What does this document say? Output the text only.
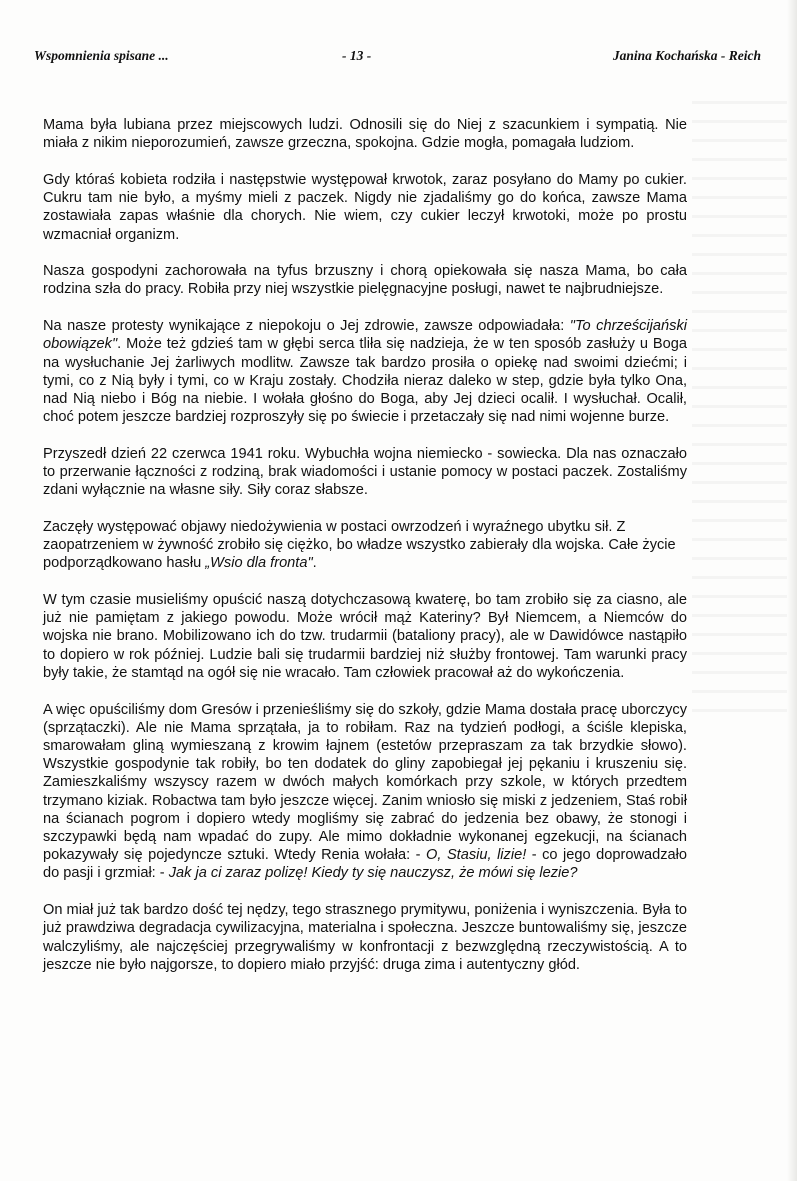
Wspomnienia spisane ...	- 13 -	Janina Kochańska - Reich

Mama była lubiana przez miejscowych ludzi. Odnosili się do Niej z szacunkiem i sympatią. Nie miała z nikim nieporozumień, zawsze grzeczna, spokojna. Gdzie mogła, pomagała ludziom.

Gdy któraś kobieta rodziła i następstwie występował krwotok, zaraz posyłano do Mamy po cukier. Cukru tam nie było, a myśmy mieli z paczek. Nigdy nie zjadaliśmy go do końca, zawsze Mama zostawiała zapas właśnie dla chorych. Nie wiem, czy cukier leczył krwotoki, może po prostu wzmacniał organizm.

Nasza gospodyni zachorowała na tyfus brzuszny i chorą opiekowała się nasza Mama, bo cała rodzina szła do pracy. Robiła przy niej wszystkie pielęgnacyjne posługi, nawet te najbrudniejsze.

Na nasze protesty wynikające z niepokoju o Jej zdrowie, zawsze odpowiadała: "To chrześcijański obowiązek". Może też gdzieś tam w głębi serca tliła się nadzieja, że w ten sposób zasłuży u Boga na wysłuchanie Jej żarliwych modlitw. Zawsze tak bardzo prosiła o opiekę nad swoimi dziećmi; i tymi, co z Nią były i tymi, co w Kraju zostały. Chodziła nieraz daleko w step, gdzie była tylko Ona, nad Nią niebo i Bóg na niebie. I wołała głośno do Boga, aby Jej dzieci ocalił. I wysłuchał. Ocalił, choć potem jeszcze bardziej rozproszyły się po świecie i przetaczały się nad nimi wojenne burze.

Przyszedł dzień 22 czerwca 1941 roku. Wybuchła wojna niemiecko - sowiecka. Dla nas oznaczało to przerwanie łączności z rodziną, brak wiadomości i ustanie pomocy w postaci paczek. Zostaliśmy zdani wyłącznie na własne siły. Siły coraz słabsze.

Zaczęły występować objawy niedożywienia w postaci owrzodzeń i wyraźnego ubytku sił. Z zaopatrzeniem w żywność zrobiło się ciężko, bo władze wszystko zabierały dla wojska. Całe życie podporządkowano hasłu „Wsio dla fronta".

W tym czasie musieliśmy opuścić naszą dotychczasową kwaterę, bo tam zrobiło się za ciasno, ale już nie pamiętam z jakiego powodu. Może wrócił mąż Kateriny? Był Niemcem, a Niemców do wojska nie brano. Mobilizowano ich do tzw. trudarmii (bataliony pracy), ale w Dawidówce nastąpiło to dopiero w rok później. Ludzie bali się trudarmii bardziej niż służby frontowej. Tam warunki pracy były takie, że stamtąd na ogół się nie wracało. Tam człowiek pracował aż do wykończenia.

A więc opuściliśmy dom Gresów i przenieśliśmy się do szkoły, gdzie Mama dostała pracę uborczycy (sprzątaczki). Ale nie Mama sprzątała, ja to robiłam. Raz na tydzień podłogi, a ściśle klepiska, smarowałam gliną wymieszaną z krowim łajnem (estetów przepraszam za tak brzydkie słowo). Wszystkie gospodynie tak robiły, bo ten dodatek do gliny zapobiegał jej pękaniu i kruszeniu się. Zamieszkaliśmy wszyscy razem w dwóch małych komórkach przy szkole, w których przedtem trzymano kiziak. Robactwa tam było jeszcze więcej. Zanim wniosło się miski z jedzeniem, Staś robił na ścianach pogrom i dopiero wtedy mogliśmy się zabrać do jedzenia bez obawy, że stonogi i szczypawki będą nam wpadać do zupy. Ale mimo dokładnie wykonanej egzekucji, na ścianach pokazywały się pojedyncze sztuki. Wtedy Renia wołała: - O, Stasiu, lizie! - co jego doprowadzało do pasji i grzmiał: - Jak ja ci zaraz polizę! Kiedy ty się nauczysz, że mówi się lezie?

On miał już tak bardzo dość tej nędzy, tego strasznego prymitywu, poniżenia i wyniszczenia. Była to już prawdziwa degradacja cywilizacyjna, materialna i społeczna. Jeszcze buntowaliśmy się, jeszcze walczyliśmy, ale najczęściej przegrywaliśmy w konfrontacji z bezwzględną rzeczywistością. A to jeszcze nie było najgorsze, to dopiero miało przyjść: druga zima i autentyczny głód.
